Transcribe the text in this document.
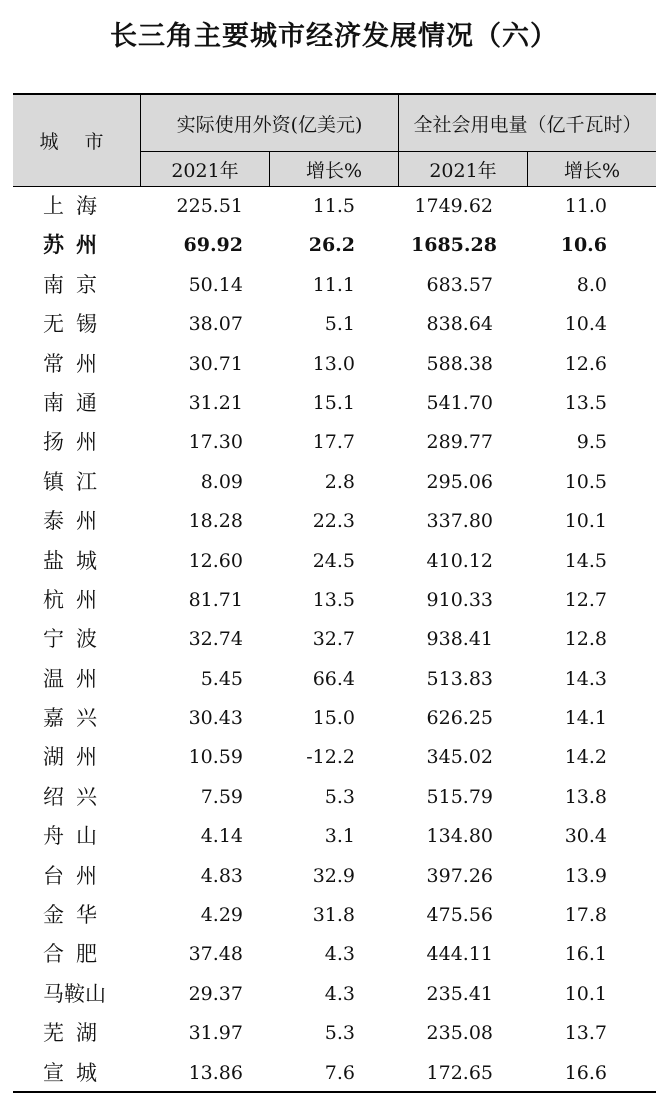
长三角主要城市经济发展情况（六）
城 市
实际使用外资(亿美元)	全社会用电量（亿千瓦时）
2021年	增长%	2021年	增长%
上海	225.51	11.5	1749.62	11.0
苏州	69.92	26.2	1685.28	10.6
南京	50.14	11.1	683.57	8.0
无锡	38.07	5.1	838.64	10.4
常州	30.71	13.0	588.38	12.6
南通	31.21	15.1	541.70	13.5
扬州	17.30	17.7	289.77	9.5
镇江	8.09	2.8	295.06	10.5
泰州	18.28	22.3	337.80	10.1
盐城	12.60	24.5	410.12	14.5
杭州	81.71	13.5	910.33	12.7
宁波	32.74	32.7	938.41	12.8
温州	5.45	66.4	513.83	14.3
嘉兴	30.43	15.0	626.25	14.1
湖州	10.59	-12.2	345.02	14.2
绍兴	7.59	5.3	515.79	13.8
舟山	4.14	3.1	134.80	30.4
台州	4.83	32.9	397.26	13.9
金华	4.29	31.8	475.56	17.8
合肥	37.48	4.3	444.11	16.1
马鞍山	29.37	4.3	235.41	10.1
芜湖	31.97	5.3	235.08	13.7
宣城	13.86	7.6	172.65	16.6
